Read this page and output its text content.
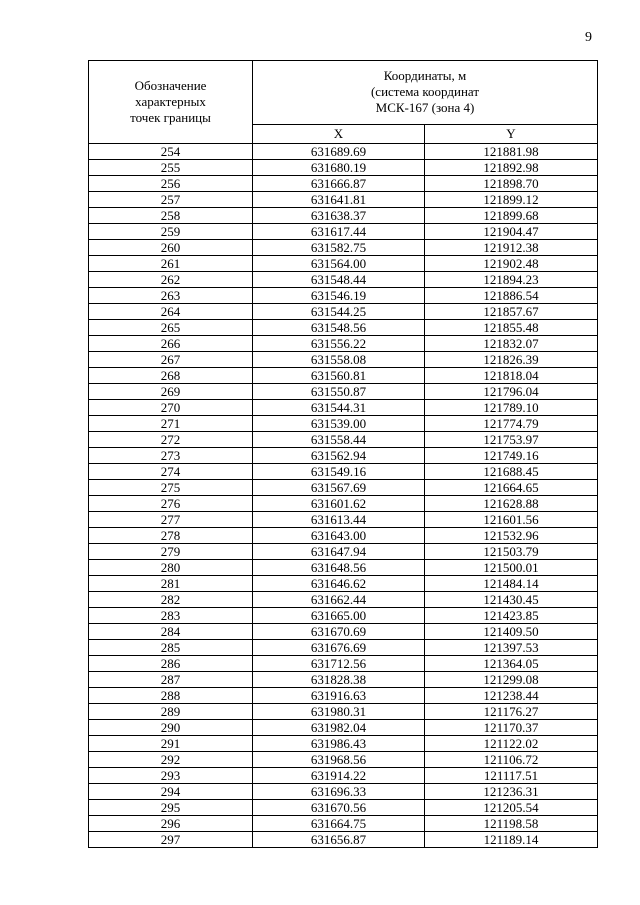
9
Обозначение
характерных
точек границы	Координаты, м
(система координат
МСК-167 (зона 4)	

	X	Y
254	631689.69	121881.98
255	631680.19	121892.98
256	631666.87	121898.70
257	631641.81	121899.12
258	631638.37	121899.68
259	631617.44	121904.47
260	631582.75	121912.38
261	631564.00	121902.48
262	631548.44	121894.23
263	631546.19	121886.54
264	631544.25	121857.67
265	631548.56	121855.48
266	631556.22	121832.07
267	631558.08	121826.39
268	631560.81	121818.04
269	631550.87	121796.04
270	631544.31	121789.10
271	631539.00	121774.79
272	631558.44	121753.97
273	631562.94	121749.16
274	631549.16	121688.45
275	631567.69	121664.65
276	631601.62	121628.88
277	631613.44	121601.56
278	631643.00	121532.96
279	631647.94	121503.79
280	631648.56	121500.01
281	631646.62	121484.14
282	631662.44	121430.45
283	631665.00	121423.85
284	631670.69	121409.50
285	631676.69	121397.53
286	631712.56	121364.05
287	631828.38	121299.08
288	631916.63	121238.44
289	631980.31	121176.27
290	631982.04	121170.37
291	631986.43	121122.02
292	631968.56	121106.72
293	631914.22	121117.51
294	631696.33	121236.31
295	631670.56	121205.54
296	631664.75	121198.58
297	631656.87	121189.14
